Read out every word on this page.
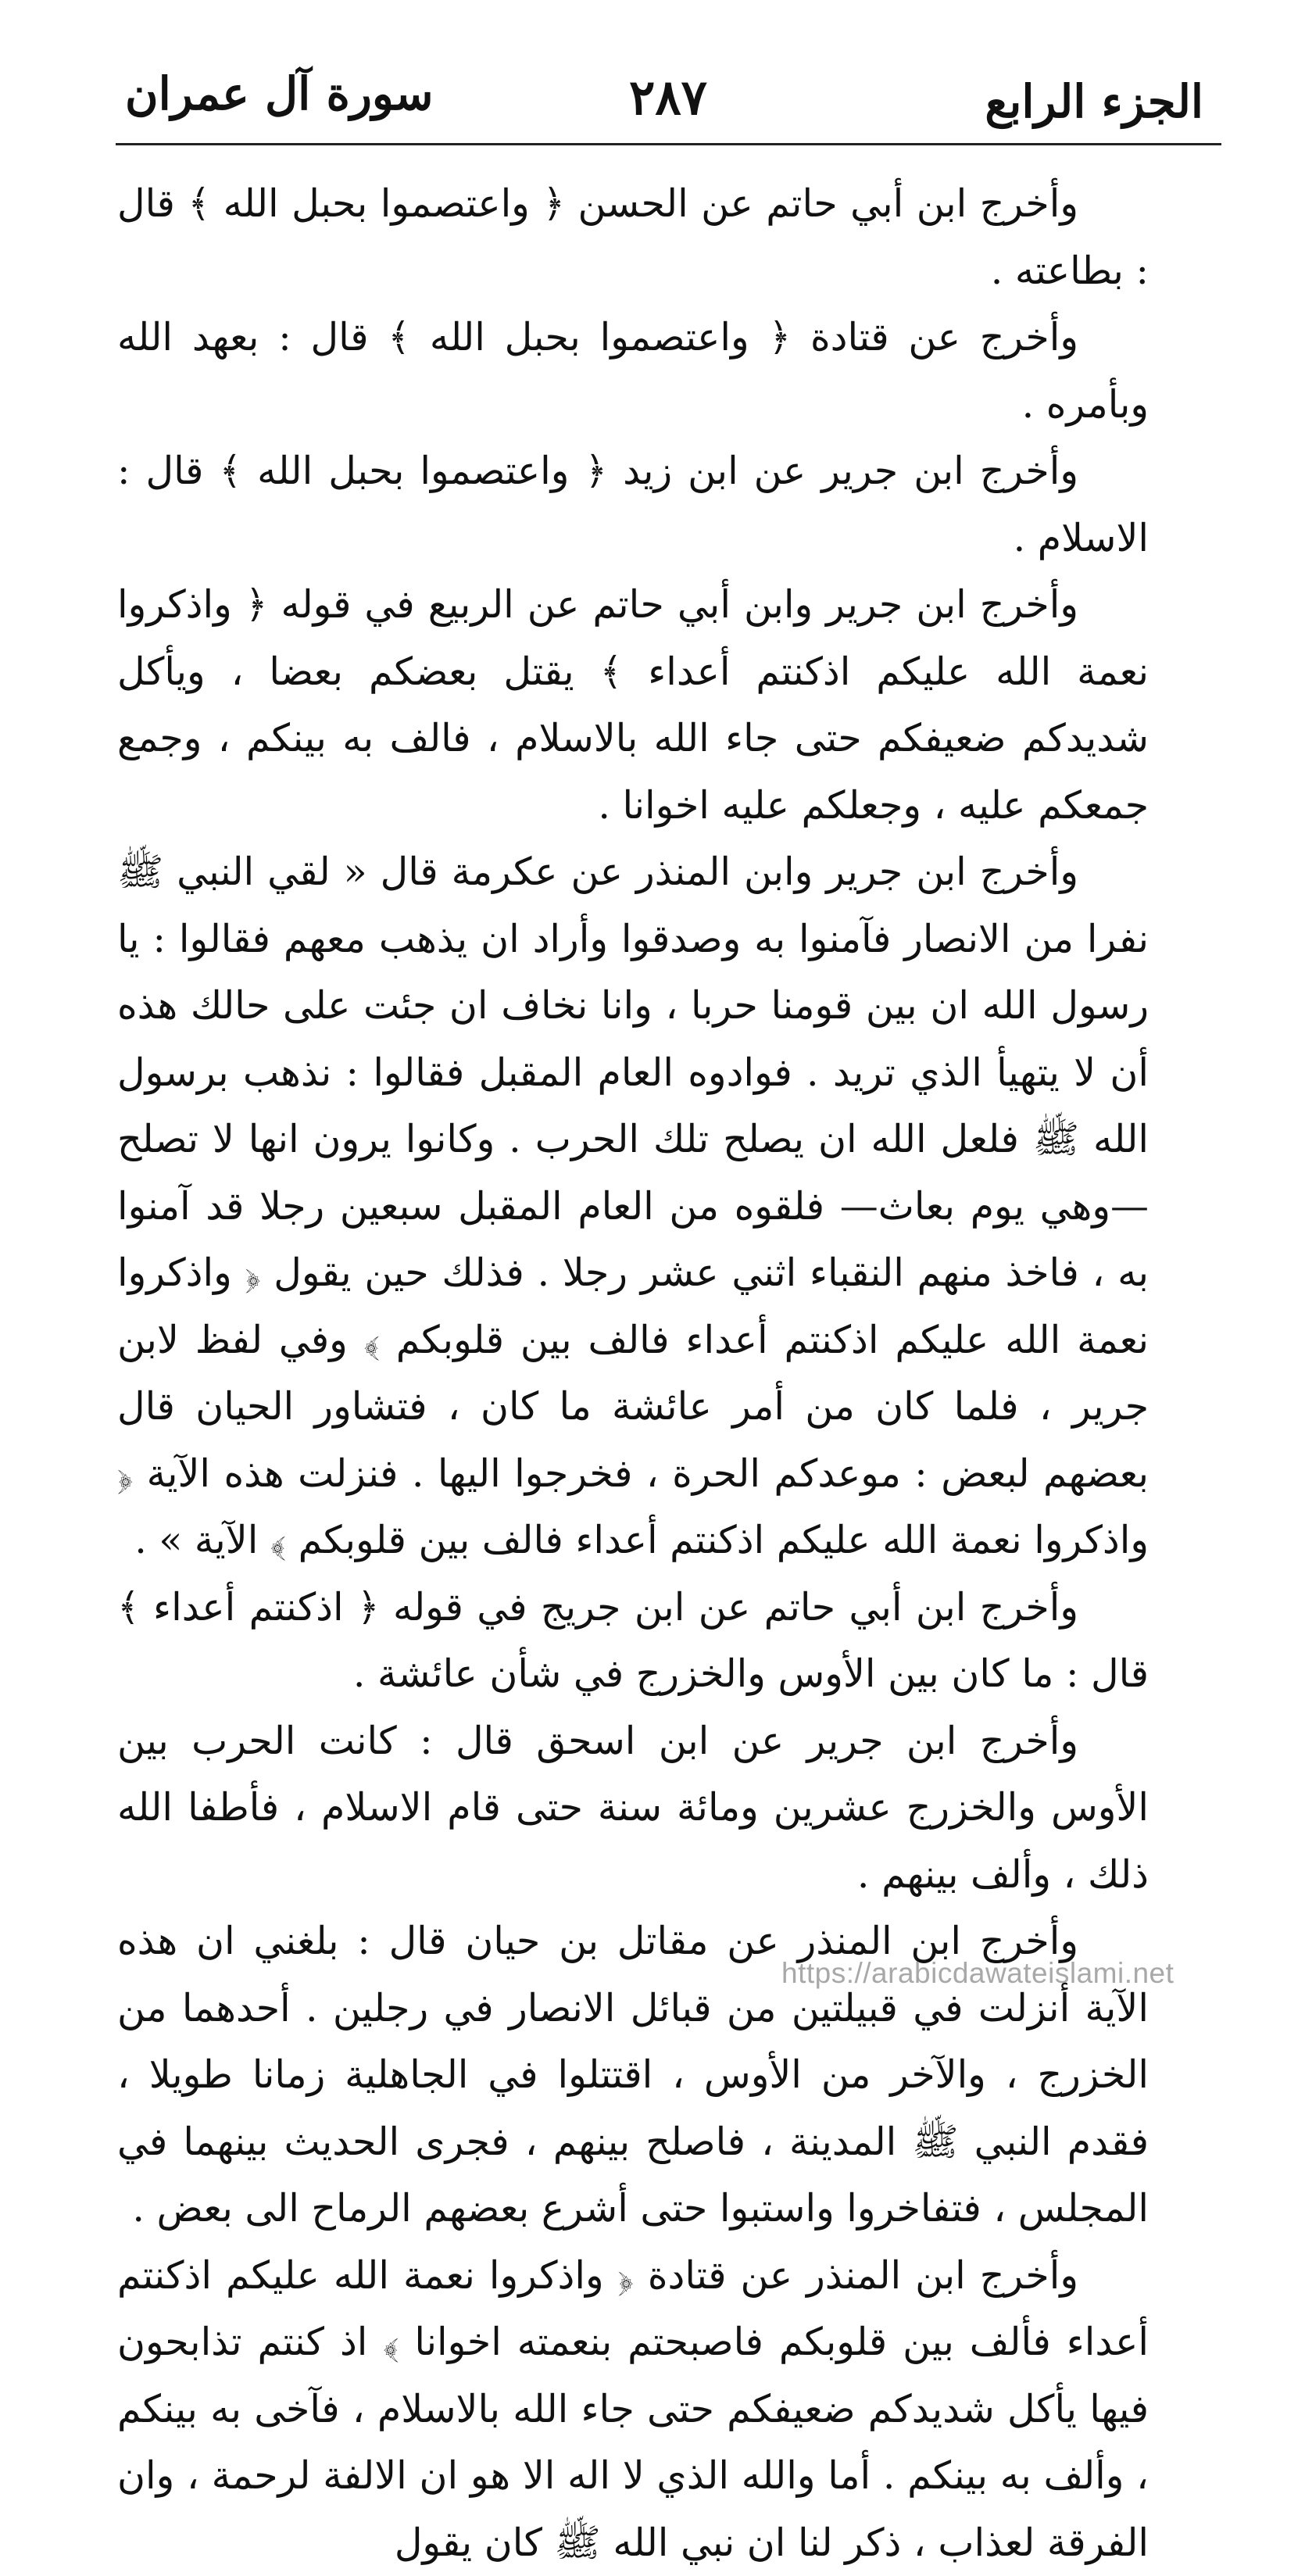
الجزء الرابع
٢٨٧
سورة آل عمران

وأخرج ابن أبي حاتم عن الحسن ﴿ واعتصموا بحبل الله ﴾ قال : بطاعته .

وأخرج عن قتادة ﴿ واعتصموا بحبل الله ﴾ قال : بعهد الله وبأمره .

وأخرج ابن جرير عن ابن زيد ﴿ واعتصموا بحبل الله ﴾ قال : الاسلام .

وأخرج ابن جرير وابن أبي حاتم عن الربيع في قوله ﴿ واذكروا نعمة الله عليكم اذكنتم أعداء ﴾ يقتل بعضكم بعضا ، ويأكل شديدكم ضعيفكم حتى جاء الله بالاسلام ، فالف به بينكم ، وجمع جمعكم عليه ، وجعلكم عليه اخوانا .

وأخرج ابن جرير وابن المنذر عن عكرمة قال « لقي النبي ﷺ نفرا من الانصار فآمنوا به وصدقوا وأراد ان يذهب معهم فقالوا : يا رسول الله ان بين قومنا حربا ، وانا نخاف ان جئت على حالك هذه أن لا يتهيأ الذي تريد . فوادوه العام المقبل فقالوا : نذهب برسول الله ﷺ فلعل الله ان يصلح تلك الحرب . وكانوا يرون انها لا تصلح —وهي يوم بعاث— فلقوه من العام المقبل سبعين رجلا قد آمنوا به ، فاخذ منهم النقباء اثني عشر رجلا . فذلك حين يقول ﴿ واذكروا نعمة الله عليكم اذكنتم أعداء فالف بين قلوبكم ﴾ وفي لفظ لابن جرير ، فلما كان من أمر عائشة ما كان ، فتشاور الحيان قال بعضهم لبعض : موعدكم الحرة ، فخرجوا اليها . فنزلت هذه الآية ﴿ واذكروا نعمة الله عليكم اذكنتم أعداء فالف بين قلوبكم ﴾ الآية » .

وأخرج ابن أبي حاتم عن ابن جريج في قوله ﴿ اذكنتم أعداء ﴾ قال : ما كان بين الأوس والخزرج في شأن عائشة .

وأخرج ابن جرير عن ابن اسحق قال : كانت الحرب بين الأوس والخزرج عشرين ومائة سنة حتى قام الاسلام ، فأطفا الله ذلك ، وألف بينهم .

وأخرج ابن المنذر عن مقاتل بن حيان قال : بلغني ان هذه الآية أنزلت في قبيلتين من قبائل الانصار في رجلين . أحدهما من الخزرج ، والآخر من الأوس ، اقتتلوا في الجاهلية زمانا طويلا ، فقدم النبي ﷺ المدينة ، فاصلح بينهم ، فجرى الحديث بينهما في المجلس ، فتفاخروا واستبوا حتى أشرع بعضهم الرماح الى بعض .

وأخرج ابن المنذر عن قتادة ﴿ واذكروا نعمة الله عليكم اذكنتم أعداء فألف بين قلوبكم فاصبحتم بنعمته اخوانا ﴾ اذ كنتم تذابحون فيها يأكل شديدكم ضعيفكم حتى جاء الله بالاسلام ، فآخى به بينكم ، وألف به بينكم . أما والله الذي لا اله الا هو ان الالفة لرحمة ، وان الفرقة لعذاب ، ذكر لنا ان نبي الله ﷺ كان يقول

https://arabicdawateislami.net
